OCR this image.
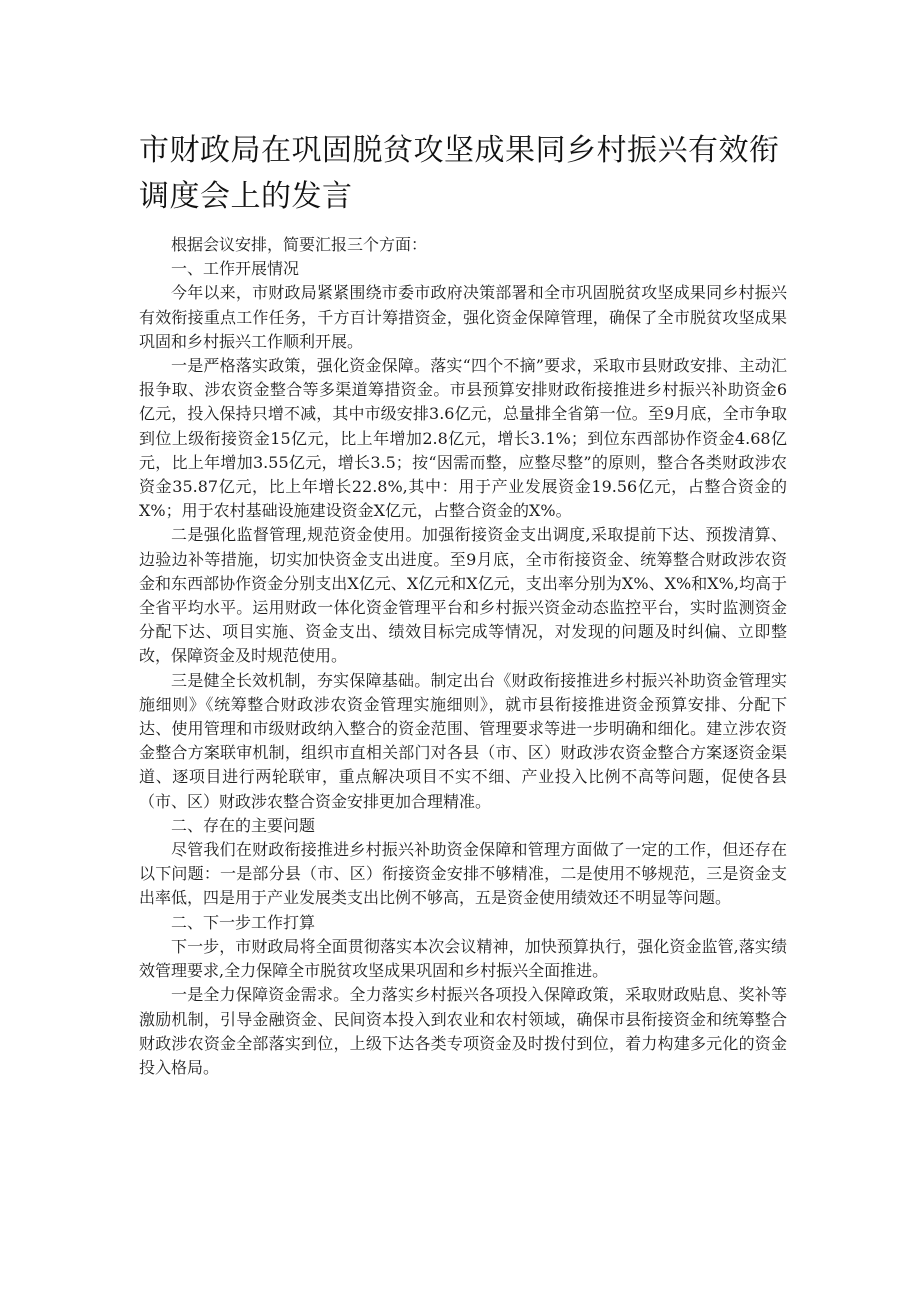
市财政局在巩固脱贫攻坚成果同乡村振兴有效衔调度会上的发言

根据会议安排，简要汇报三个方面：

一、工作开展情况

今年以来，市财政局紧紧围绕市委市政府决策部署和全市巩固脱贫攻坚成果同乡村振兴有效衔接重点工作任务，千方百计筹措资金，强化资金保障管理，确保了全市脱贫攻坚成果巩固和乡村振兴工作顺利开展。

一是严格落实政策，强化资金保障。落实“四个不摘”要求，采取市县财政安排、主动汇报争取、涉农资金整合等多渠道筹措资金。市县预算安排财政衔接推进乡村振兴补助资金6亿元，投入保持只增不减，其中市级安排3.6亿元，总量排全省第一位。至9月底，全市争取到位上级衔接资金15亿元，比上年增加2.8亿元，增长3.1%；到位东西部协作资金4.68亿元，比上年增加3.55亿元，增长3.5；按“因需而整，应整尽整”的原则，整合各类财政涉农资金35.87亿元，比上年增长22.8%,其中：用于产业发展资金19.56亿元，占整合资金的X%；用于农村基础设施建设资金X亿元，占整合资金的X%。

二是强化监督管理,规范资金使用。加强衔接资金支出调度,采取提前下达、预拨清算、边验边补等措施，切实加快资金支出进度。至9月底，全市衔接资金、统筹整合财政涉农资金和东西部协作资金分别支出X亿元、X亿元和X亿元，支出率分别为X%、X%和X%,均高于全省平均水平。运用财政一体化资金管理平台和乡村振兴资金动态监控平台，实时监测资金分配下达、项目实施、资金支出、绩效目标完成等情况，对发现的问题及时纠偏、立即整改，保障资金及时规范使用。

三是健全长效机制，夯实保障基础。制定出台《财政衔接推进乡村振兴补助资金管理实施细则》《统筹整合财政涉农资金管理实施细则》，就市县衔接推进资金预算安排、分配下达、使用管理和市级财政纳入整合的资金范围、管理要求等进一步明确和细化。建立涉农资金整合方案联审机制，组织市直相关部门对各县（市、区）财政涉农资金整合方案逐资金渠道、逐项目进行两轮联审，重点解决项目不实不细、产业投入比例不高等问题，促使各县（市、区）财政涉农整合资金安排更加合理精准。

二、存在的主要问题

尽管我们在财政衔接推进乡村振兴补助资金保障和管理方面做了一定的工作，但还存在以下问题：一是部分县（市、区）衔接资金安排不够精准，二是使用不够规范，三是资金支出率低，四是用于产业发展类支出比例不够高，五是资金使用绩效还不明显等问题。

二、下一步工作打算

下一步，市财政局将全面贯彻落实本次会议精神，加快预算执行，强化资金监管,落实绩效管理要求,全力保障全市脱贫攻坚成果巩固和乡村振兴全面推进。

一是全力保障资金需求。全力落实乡村振兴各项投入保障政策，采取财政贴息、奖补等激励机制，引导金融资金、民间资本投入到农业和农村领域，确保市县衔接资金和统筹整合财政涉农资金全部落实到位，上级下达各类专项资金及时拨付到位，着力构建多元化的资金投入格局。
